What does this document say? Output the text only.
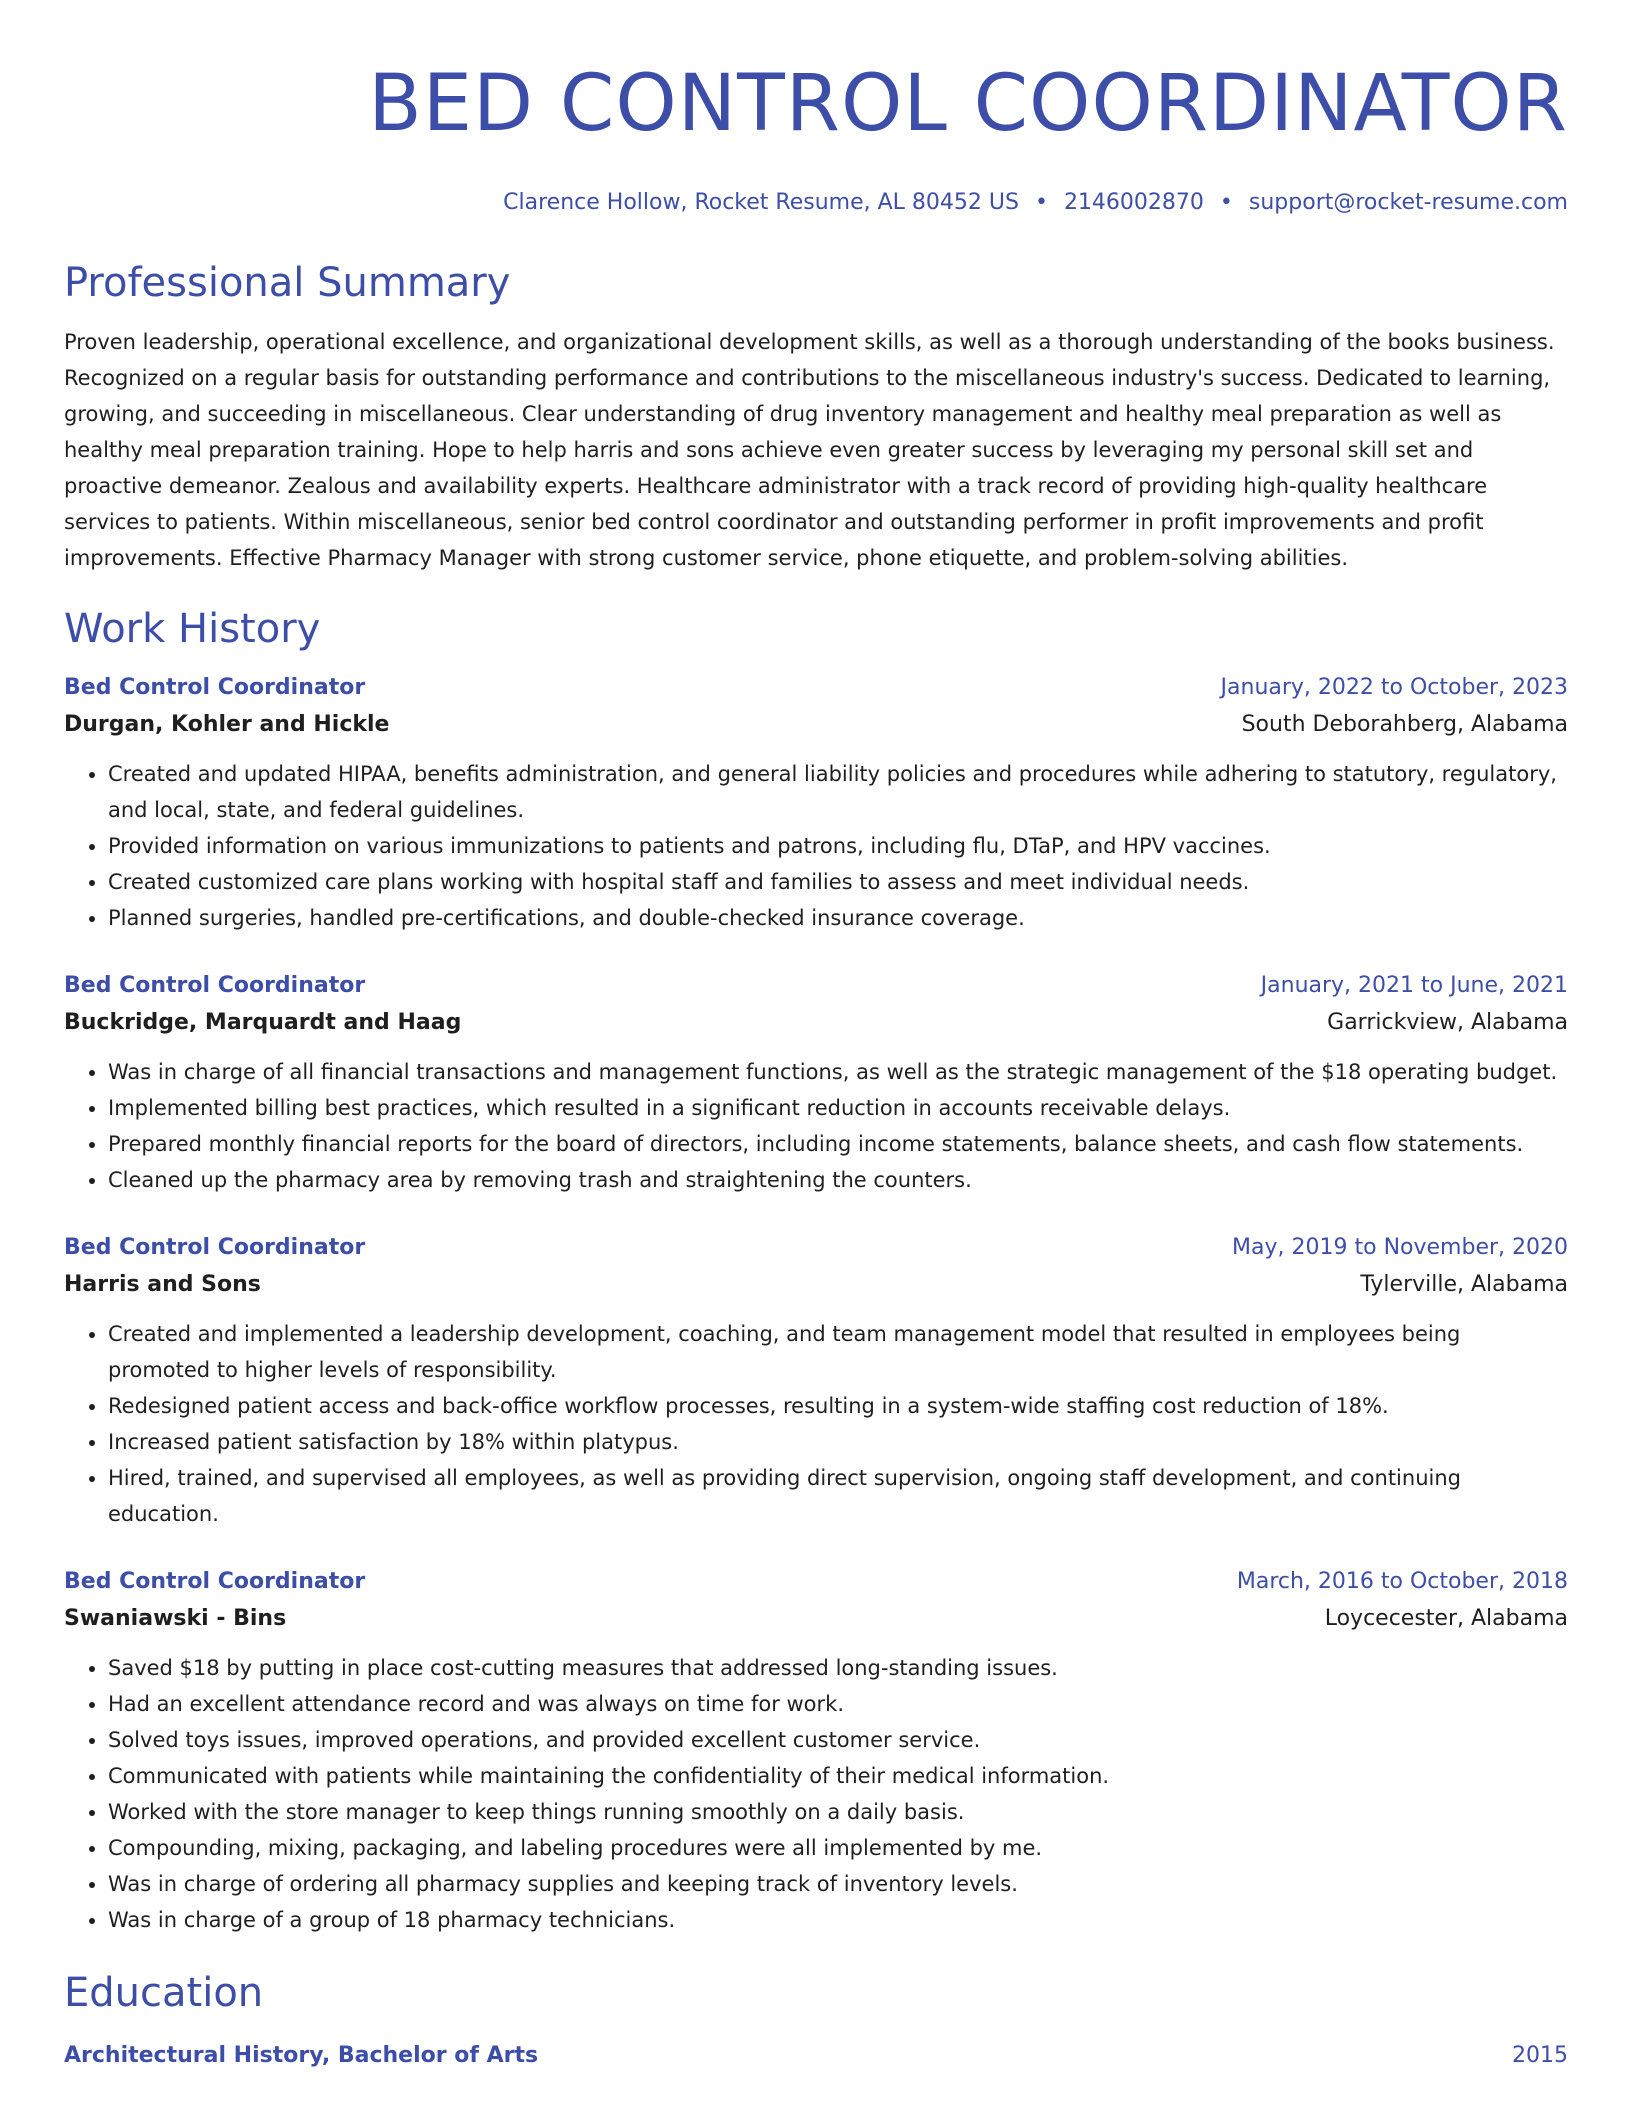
BED CONTROL COORDINATOR
Clarence Hollow, Rocket Resume, AL 80452 US • 2146002870 • support@rocket-resume.com
Professional Summary
Proven leadership, operational excellence, and organizational development skills, as well as a thorough understanding of the books business. Recognized on a regular basis for outstanding performance and contributions to the miscellaneous industry's success. Dedicated to learning, growing, and succeeding in miscellaneous. Clear understanding of drug inventory management and healthy meal preparation as well as healthy meal preparation training. Hope to help harris and sons achieve even greater success by leveraging my personal skill set and proactive demeanor. Zealous and availability experts. Healthcare administrator with a track record of providing high-quality healthcare services to patients. Within miscellaneous, senior bed control coordinator and outstanding performer in profit improvements and profit improvements. Effective Pharmacy Manager with strong customer service, phone etiquette, and problem-solving abilities.
Work History
Bed Control Coordinator	January, 2022 to October, 2023
Durgan, Kohler and Hickle	South Deborahberg, Alabama
• Created and updated HIPAA, benefits administration, and general liability policies and procedures while adhering to statutory, regulatory, and local, state, and federal guidelines.
• Provided information on various immunizations to patients and patrons, including flu, DTaP, and HPV vaccines.
• Created customized care plans working with hospital staff and families to assess and meet individual needs.
• Planned surgeries, handled pre-certifications, and double-checked insurance coverage.
Bed Control Coordinator	January, 2021 to June, 2021
Buckridge, Marquardt and Haag	Garrickview, Alabama
• Was in charge of all financial transactions and management functions, as well as the strategic management of the $18 operating budget.
• Implemented billing best practices, which resulted in a significant reduction in accounts receivable delays.
• Prepared monthly financial reports for the board of directors, including income statements, balance sheets, and cash flow statements.
• Cleaned up the pharmacy area by removing trash and straightening the counters.
Bed Control Coordinator	May, 2019 to November, 2020
Harris and Sons	Tylerville, Alabama
• Created and implemented a leadership development, coaching, and team management model that resulted in employees being promoted to higher levels of responsibility.
• Redesigned patient access and back-office workflow processes, resulting in a system-wide staffing cost reduction of 18%.
• Increased patient satisfaction by 18% within platypus.
• Hired, trained, and supervised all employees, as well as providing direct supervision, ongoing staff development, and continuing education.
Bed Control Coordinator	March, 2016 to October, 2018
Swaniawski - Bins	Loycecester, Alabama
• Saved $18 by putting in place cost-cutting measures that addressed long-standing issues.
• Had an excellent attendance record and was always on time for work.
• Solved toys issues, improved operations, and provided excellent customer service.
• Communicated with patients while maintaining the confidentiality of their medical information.
• Worked with the store manager to keep things running smoothly on a daily basis.
• Compounding, mixing, packaging, and labeling procedures were all implemented by me.
• Was in charge of ordering all pharmacy supplies and keeping track of inventory levels.
• Was in charge of a group of 18 pharmacy technicians.
Education
Architectural History, Bachelor of Arts	2015
